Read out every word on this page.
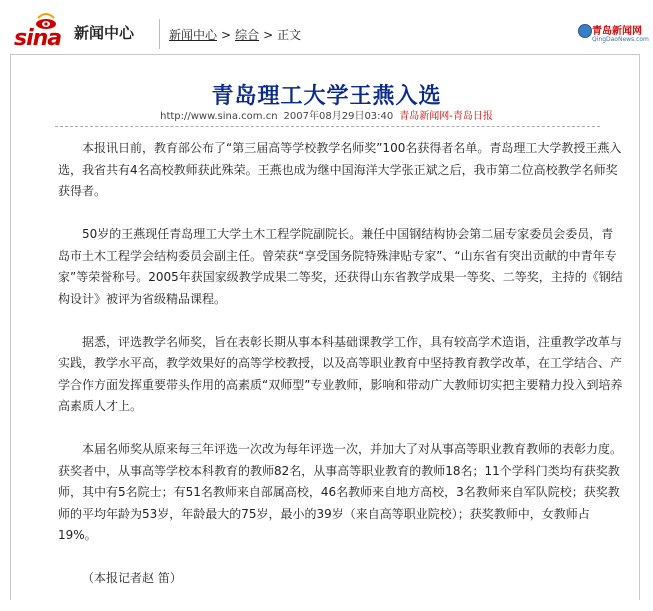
sina 新闻中心	新闻中心 > 综合 > 正文	青岛新闻网
QingDaoNews.com
青岛理工大学王燕入选
http://www.sina.com.cn 2007年08月29日03:40 青岛新闻网-青岛日报

本报讯日前，教育部公布了“第三届高等学校教学名师奖”100名获得者名单。青岛理工大学教授王燕入选，我省共有4名高校教师获此殊荣。王燕也成为继中国海洋大学张正斌之后，我市第二位高校教学名师奖获得者。

50岁的王燕现任青岛理工大学土木工程学院副院长。兼任中国钢结构协会第二届专家委员会委员，青岛市土木工程学会结构委员会副主任。曾荣获“享受国务院特殊津贴专家”、“山东省有突出贡献的中青年专家”等荣誉称号。2005年获国家级教学成果二等奖，还获得山东省教学成果一等奖、二等奖，主持的《钢结构设计》被评为省级精品课程。

据悉，评选教学名师奖，旨在表彰长期从事本科基础课教学工作，具有较高学术造诣，注重教学改革与实践，教学水平高，教学效果好的高等学校教授，以及高等职业教育中坚持教育教学改革，在工学结合、产学合作方面发挥重要带头作用的高素质“双师型”专业教师，影响和带动广大教师切实把主要精力投入到培养高素质人才上。

本届名师奖从原来每三年评选一次改为每年评选一次，并加大了对从事高等职业教育教师的表彰力度。获奖者中，从事高等学校本科教育的教师82名，从事高等职业教育的教师18名；11个学科门类均有获奖教师，其中有5名院士；有51名教师来自部属高校，46名教师来自地方高校，3名教师来自军队院校；获奖教师的平均年龄为53岁，年龄最大的75岁，最小的39岁（来自高等职业院校）；获奖教师中，女教师占19%。

（本报记者赵 笛）
